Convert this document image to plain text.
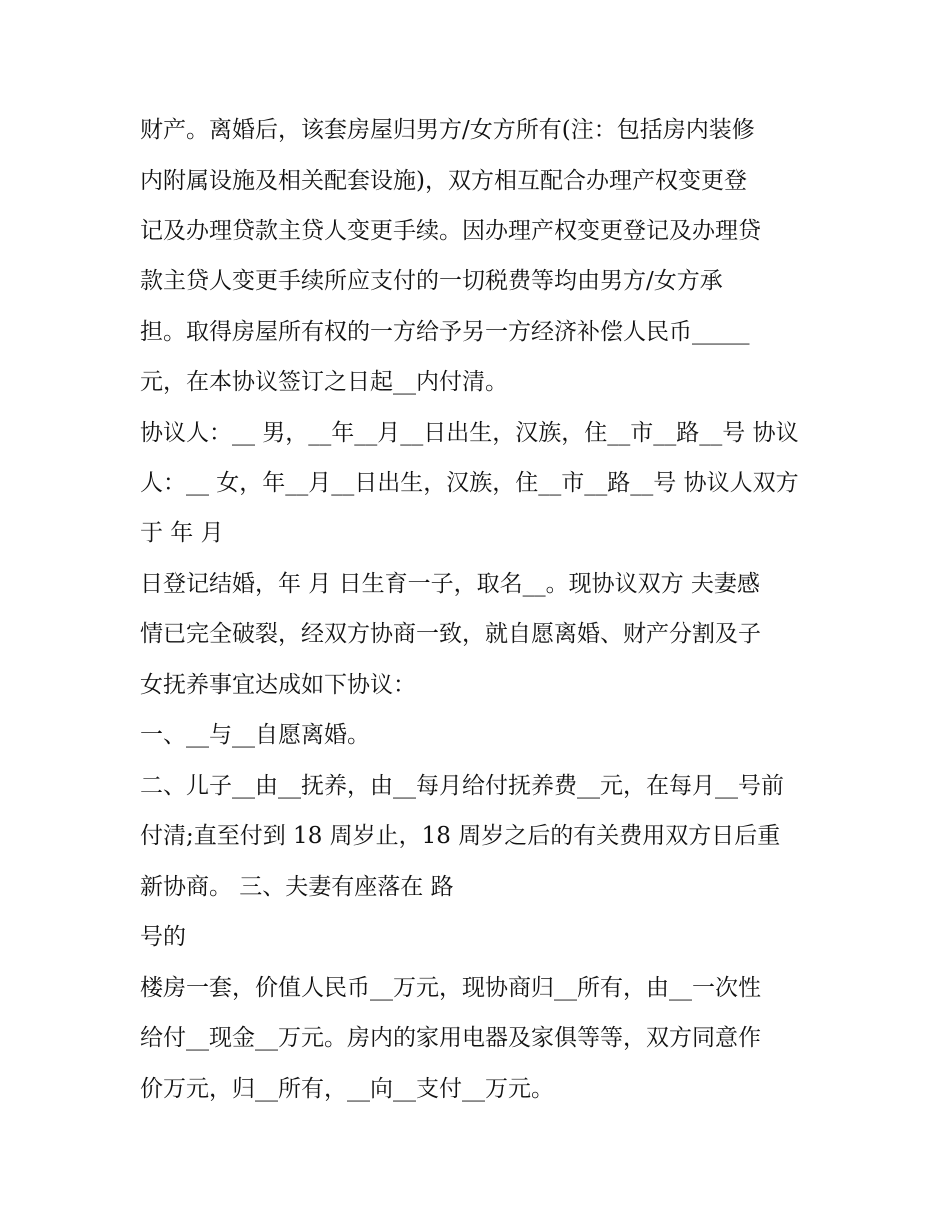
财产。离婚后，该套房屋归男方/女方所有(注：包括房内装修

内附属设施及相关配套设施)，双方相互配合办理产权变更登

记及办理贷款主贷人变更手续。因办理产权变更登记及办理贷

款主贷人变更手续所应支付的一切税费等均由男方/女方承

担。取得房屋所有权的一方给予另一方经济补偿人民币_____

元，在本协议签订之日起__内付清。

协议人：__ 男，__年__月__日出生，汉族，住__市__路__号 协议

人：__ 女，年__月__日出生，汉族，住__市__路__号 协议人双方

于 年 月

日登记结婚，年 月 日生育一子，取名__。现协议双方 夫妻感

情已完全破裂，经双方协商一致，就自愿离婚、财产分割及子

女抚养事宜达成如下协议：

一、__与__自愿离婚。

二、儿子__由__抚养，由__每月给付抚养费__元，在每月__号前

付清;直至付到 18 周岁止，18 周岁之后的有关费用双方日后重

新协商。 三、夫妻有座落在 路

号的

楼房一套，价值人民币__万元，现协商归__所有，由__一次性

给付__现金__万元。房内的家用电器及家俱等等，双方同意作

价万元，归__所有，__向__支付__万元。
